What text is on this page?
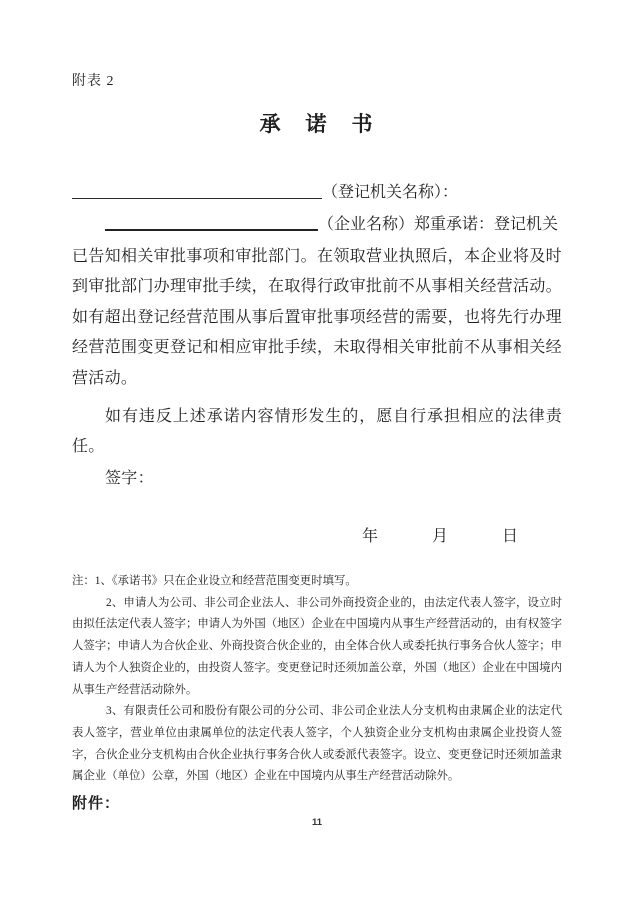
附表 2
承　诺　书
（登记机关名称）：
（企业名称）郑重承诺：登记机关
已告知相关审批事项和审批部门。在领取营业执照后，本企业将及时到审批部门办理审批手续，在取得行政审批前不从事相关经营活动。如有超出登记经营范围从事后置审批事项经营的需要，也将先行办理经营范围变更登记和相应审批手续，未取得相关审批前不从事相关经营活动。
如有违反上述承诺内容情形发生的，愿自行承担相应的法律责任。
签字：
年	月	日

注：1、《承诺书》只在企业设立和经营范围变更时填写。

2、申请人为公司、非公司企业法人、非公司外商投资企业的，由法定代表人签字，设立时由拟任法定代表人签字；申请人为外国（地区）企业在中国境内从事生产经营活动的，由有权签字人签字；申请人为合伙企业、外商投资合伙企业的，由全体合伙人或委托执行事务合伙人签字；申请人为个人独资企业的，由投资人签字。变更登记时还须加盖公章，外国（地区）企业在中国境内从事生产经营活动除外。

3、有限责任公司和股份有限公司的分公司、非公司企业法人分支机构由隶属企业的法定代表人签字，营业单位由隶属单位的法定代表人签字，个人独资企业分支机构由隶属企业投资人签字，合伙企业分支机构由合伙企业执行事务合伙人或委派代表签字。设立、变更登记时还须加盖隶属企业（单位）公章，外国（地区）企业在中国境内从事生产经营活动除外。

附件：
11
